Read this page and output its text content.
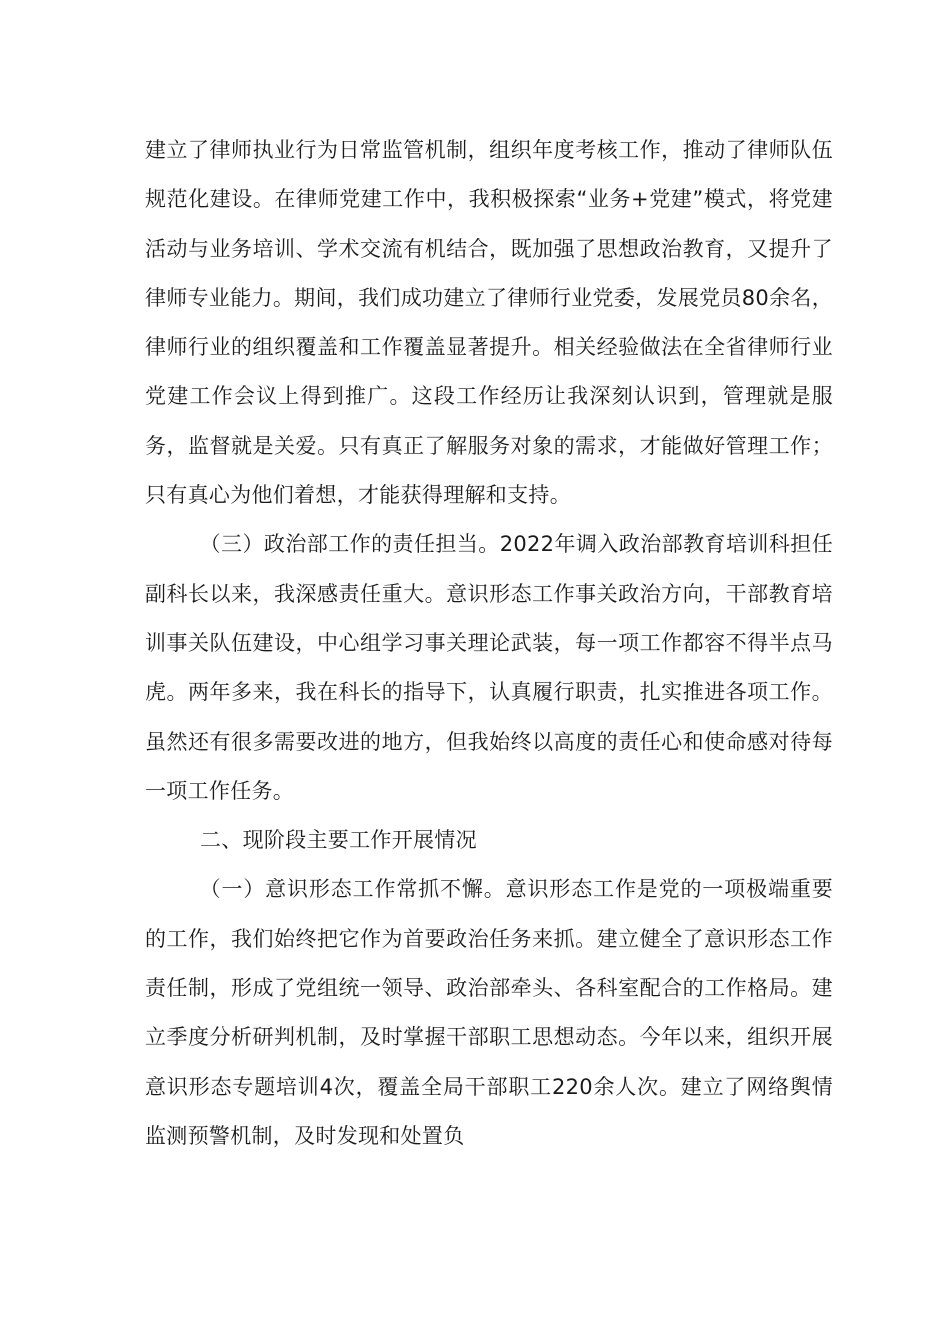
建立了律师执业行为日常监管机制，组织年度考核工作，推动了律师队伍规范化建设。在律师党建工作中，我积极探索“业务+党建”模式，将党建活动与业务培训、学术交流有机结合，既加强了思想政治教育，又提升了律师专业能力。期间，我们成功建立了律师行业党委，发展党员80余名，律师行业的组织覆盖和工作覆盖显著提升。相关经验做法在全省律师行业党建工作会议上得到推广。这段工作经历让我深刻认识到，管理就是服务，监督就是关爱。只有真正了解服务对象的需求，才能做好管理工作；只有真心为他们着想，才能获得理解和支持。

（三）政治部工作的责任担当。2022年调入政治部教育培训科担任副科长以来，我深感责任重大。意识形态工作事关政治方向，干部教育培训事关队伍建设，中心组学习事关理论武装，每一项工作都容不得半点马虎。两年多来，我在科长的指导下，认真履行职责，扎实推进各项工作。虽然还有很多需要改进的地方，但我始终以高度的责任心和使命感对待每一项工作任务。

二、现阶段主要工作开展情况

（一）意识形态工作常抓不懈。意识形态工作是党的一项极端重要的工作，我们始终把它作为首要政治任务来抓。建立健全了意识形态工作责任制，形成了党组统一领导、政治部牵头、各科室配合的工作格局。建立季度分析研判机制，及时掌握干部职工思想动态。今年以来，组织开展意识形态专题培训4次，覆盖全局干部职工220余人次。建立了网络舆情监测预警机制，及时发现和处置负
